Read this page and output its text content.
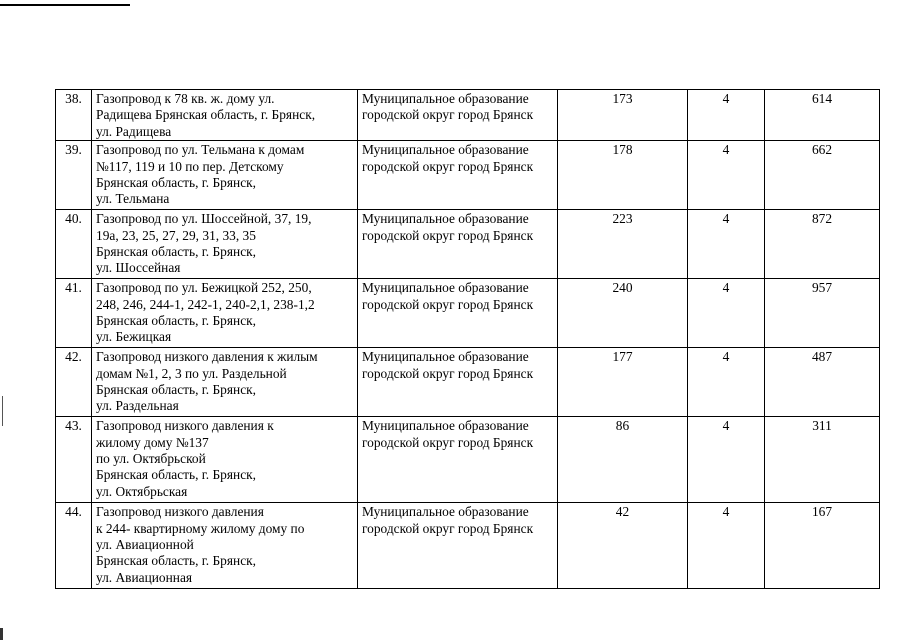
38.	Газопровод к 78 кв. ж. дому ул.
Радищева Брянская область, г. Брянск,
ул. Радищева	Муниципальное образование
городской округ город Брянск	173	4	614
39.	Газопровод по ул. Тельмана к домам
№117, 119 и 10 по пер. Детскому
Брянская область, г. Брянск,
ул. Тельмана	Муниципальное образование
городской округ город Брянск	178	4	662
40.	Газопровод по ул. Шоссейной, 37, 19,
19а, 23, 25, 27, 29, 31, 33, 35
Брянская область, г. Брянск,
ул. Шоссейная	Муниципальное образование
городской округ город Брянск	223	4	872
41.	Газопровод по ул. Бежицкой 252, 250,
248, 246, 244-1, 242-1, 240-2,1, 238-1,2
Брянская область, г. Брянск,
ул. Бежицкая	Муниципальное образование
городской округ город Брянск	240	4	957
42.	Газопровод низкого давления к жилым
домам №1, 2, 3 по ул. Раздельной
Брянская область, г. Брянск,
ул. Раздельная	Муниципальное образование
городской округ город Брянск	177	4	487
43.	Газопровод низкого давления к
жилому дому №137
по ул. Октябрьской
Брянская область, г. Брянск,
ул. Октябрьская	Муниципальное образование
городской округ город Брянск	86	4	311
44.	Газопровод низкого давления
к 244- квартирному жилому дому по
ул. Авиационной
Брянская область, г. Брянск,
ул. Авиационная	Муниципальное образование
городской округ город Брянск	42	4	167
